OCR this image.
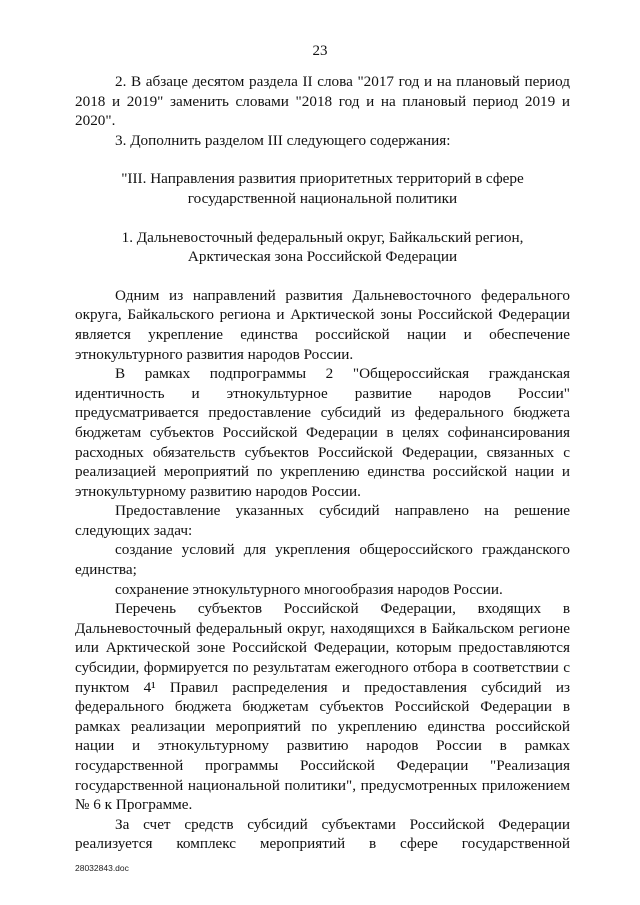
23

2. В абзаце десятом раздела II слова "2017 год и на плановый период 2018 и 2019" заменить словами "2018 год и на плановый период 2019 и 2020".

3. Дополнить разделом III следующего содержания:

"III. Направления развития приоритетных территорий в сфере

государственной национальной политики

1. Дальневосточный федеральный округ, Байкальский регион,

Арктическая зона Российской Федерации

Одним из направлений развития Дальневосточного федерального округа, Байкальского региона и Арктической зоны Российской Федерации является укрепление единства российской нации и обеспечение этнокультурного развития народов России.

В рамках подпрограммы 2 "Общероссийская гражданская идентичность и этнокультурное развитие народов России" предусматривается предоставление субсидий из федерального бюджета бюджетам субъектов Российской Федерации в целях софинансирования расходных обязательств субъектов Российской Федерации, связанных с реализацией мероприятий по укреплению единства российской нации и этнокультурному развитию народов России.

Предоставление указанных субсидий направлено на решение следующих задач:

создание условий для укрепления общероссийского гражданского единства;

сохранение этнокультурного многообразия народов России.

Перечень субъектов Российской Федерации, входящих в Дальневосточный федеральный округ, находящихся в Байкальском регионе или Арктической зоне Российской Федерации, которым предоставляются субсидии, формируется по результатам ежегодного отбора в соответствии с пунктом 4¹ Правил распределения и предоставления субсидий из федерального бюджета бюджетам субъектов Российской Федерации в рамках реализации мероприятий по укреплению единства российской нации и этнокультурному развитию народов России в рамках государственной программы Российской Федерации "Реализация государственной национальной политики", предусмотренных приложением № 6 к Программе.

За счет средств субсидий субъектами Российской Федерации реализуется комплекс мероприятий в сфере государственной

28032843.doc
